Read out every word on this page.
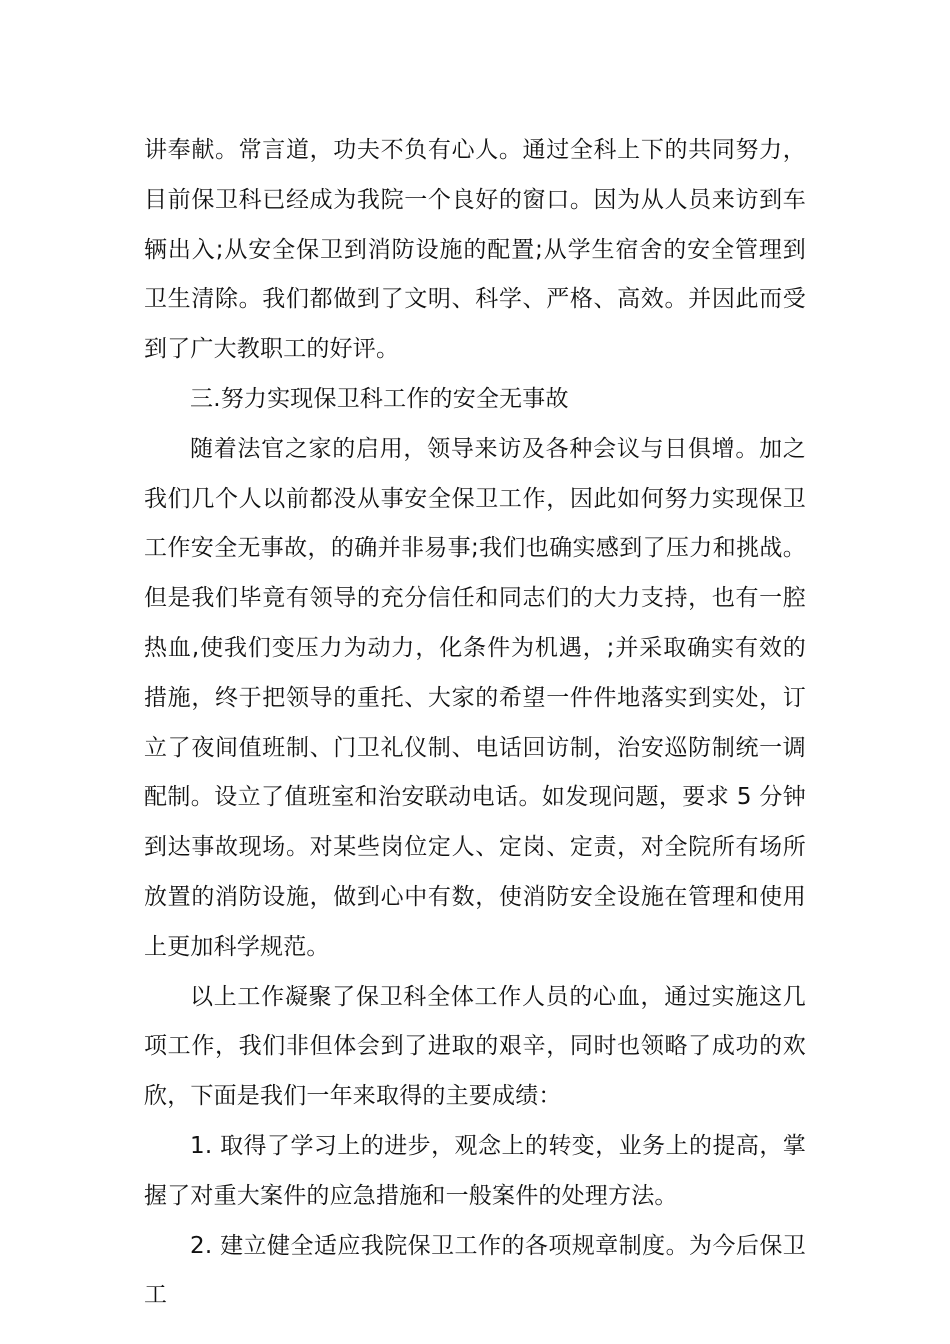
讲奉献。常言道，功夫不负有心人。通过全科上下的共同努力，目前保卫科已经成为我院一个良好的窗口。因为从人员来访到车辆出入;从安全保卫到消防设施的配置;从学生宿舍的安全管理到卫生清除。我们都做到了文明、科学、严格、高效。并因此而受到了广大教职工的好评。

三.努力实现保卫科工作的安全无事故

随着法官之家的启用，领导来访及各种会议与日俱增。加之我们几个人以前都没从事安全保卫工作，因此如何努力实现保卫工作安全无事故，的确并非易事;我们也确实感到了压力和挑战。但是我们毕竟有领导的充分信任和同志们的大力支持，也有一腔热血,使我们变压力为动力，化条件为机遇，;并采取确实有效的措施，终于把领导的重托、大家的希望一件件地落实到实处，订立了夜间值班制、门卫礼仪制、电话回访制，治安巡防制统一调配制。设立了值班室和治安联动电话。如发现问题，要求 5 分钟到达事故现场。对某些岗位定人、定岗、定责，对全院所有场所放置的消防设施，做到心中有数，使消防安全设施在管理和使用上更加科学规范。

以上工作凝聚了保卫科全体工作人员的心血，通过实施这几项工作，我们非但体会到了进取的艰辛，同时也领略了成功的欢欣，下面是我们一年来取得的主要成绩：

1. 取得了学习上的进步，观念上的转变，业务上的提高，掌握了对重大案件的应急措施和一般案件的处理方法。

2. 建立健全适应我院保卫工作的各项规章制度。为今后保卫工
